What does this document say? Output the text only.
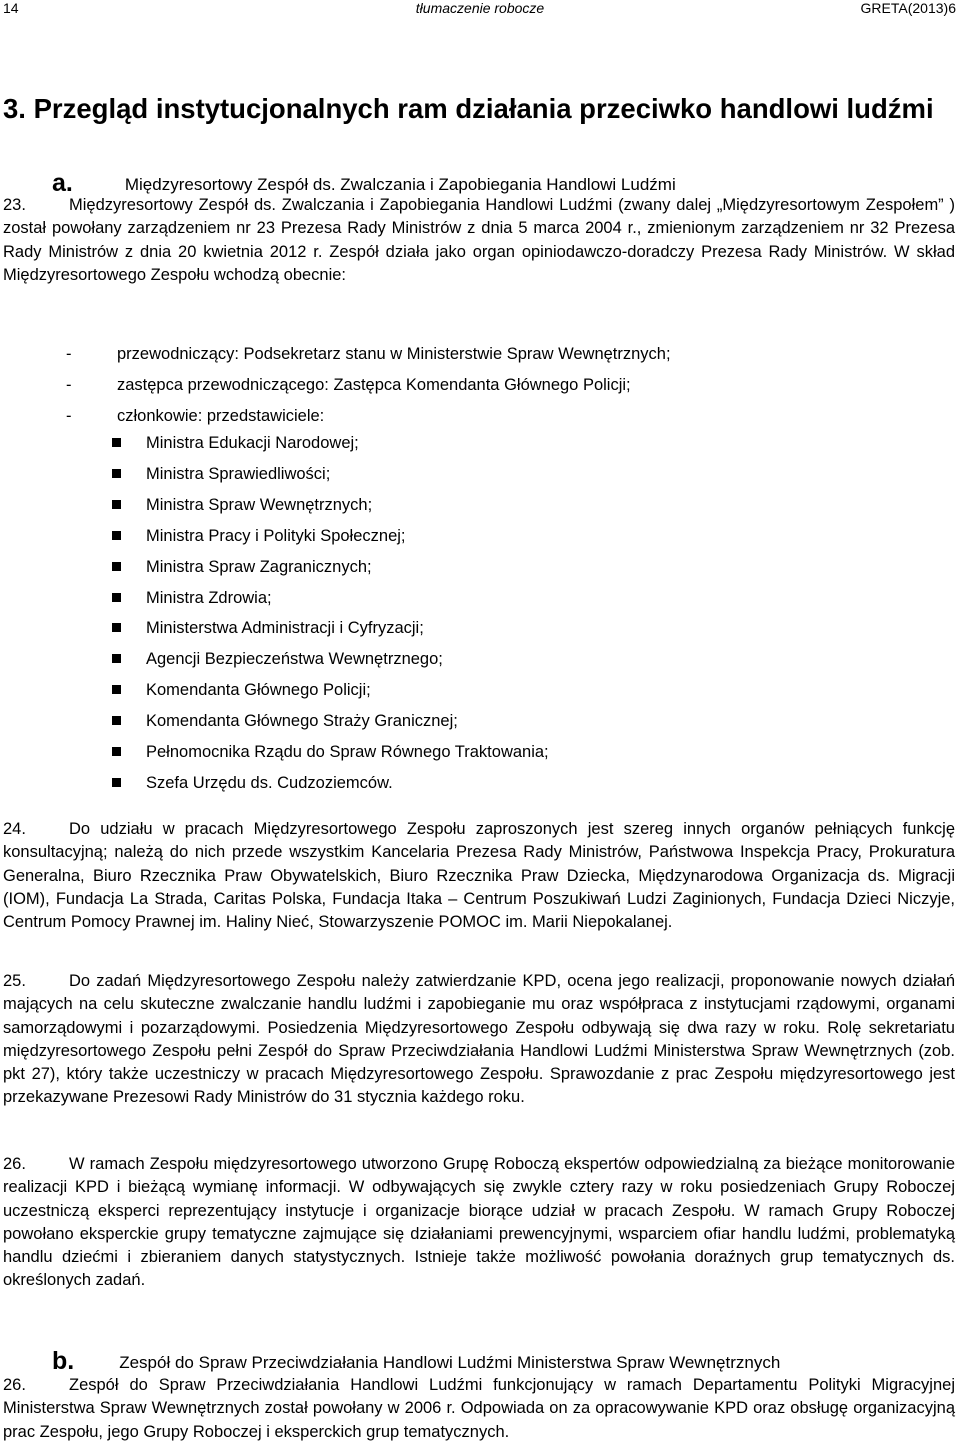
tłumaczenie robocze
14	GRETA(2013)6
3. Przegląd instytucjonalnych ram działania przeciwko handlowi ludźmi

a.	Międzyresortowy Zespół ds. Zwalczania i Zapobiegania Handlowi Ludźmi

23.	Międzyresortowy Zespół ds. Zwalczania i Zapobiegania Handlowi Ludźmi (zwany dalej „Międzyresortowym Zespołem” ) został powołany zarządzeniem nr 23 Prezesa Rady Ministrów z dnia 5 marca 2004 r., zmienionym zarządzeniem nr 32 Prezesa Rady Ministrów z dnia 20 kwietnia 2012 r. Zespół działa jako organ opiniodawczo-doradczy Prezesa Rady Ministrów. W skład Międzyresortowego Zespołu wchodzą obecnie:

-	przewodniczący: Podsekretarz stanu w Ministerstwie Spraw Wewnętrznych;
-	zastępca przewodniczącego: Zastępca Komendanta Głównego Policji;
-	członkowie: przedstawiciele:
Ministra Edukacji Narodowej;
Ministra Sprawiedliwości;
Ministra Spraw Wewnętrznych;
Ministra Pracy i Polityki Społecznej;
Ministra Spraw Zagranicznych;
Ministra Zdrowia;
Ministerstwa Administracji i Cyfryzacji;
Agencji Bezpieczeństwa Wewnętrznego;
Komendanta Głównego Policji;
Komendanta Głównego Straży Granicznej;
Pełnomocnika Rządu do Spraw Równego Traktowania;
Szefa Urzędu ds. Cudzoziemców.

24.	Do udziału w pracach Międzyresortowego Zespołu zaproszonych jest szereg innych organów pełniących funkcję konsultacyjną; należą do nich przede wszystkim Kancelaria Prezesa Rady Ministrów, Państwowa Inspekcja Pracy, Prokuratura Generalna, Biuro Rzecznika Praw Obywatelskich, Biuro Rzecznika Praw Dziecka, Międzynarodowa Organizacja ds. Migracji (IOM), Fundacja La Strada, Caritas Polska, Fundacja Itaka – Centrum Poszukiwań Ludzi Zaginionych, Fundacja Dzieci Niczyje, Centrum Pomocy Prawnej im. Haliny Nieć, Stowarzyszenie POMOC im. Marii Niepokalanej.

25.	Do zadań Międzyresortowego Zespołu należy zatwierdzanie KPD, ocena jego realizacji, proponowanie nowych działań mających na celu skuteczne zwalczanie handlu ludźmi i zapobieganie mu oraz współpraca z instytucjami rządowymi, organami samorządowymi i pozarządowymi. Posiedzenia Międzyresortowego Zespołu odbywają się dwa razy w roku. Rolę sekretariatu międzyresortowego Zespołu pełni Zespół do Spraw Przeciwdziałania Handlowi Ludźmi Ministerstwa Spraw Wewnętrznych (zob. pkt 27), który także uczestniczy w pracach Międzyresortowego Zespołu. Sprawozdanie z prac Zespołu międzyresortowego jest przekazywane Prezesowi Rady Ministrów do 31 stycznia każdego roku.

26.	W ramach Zespołu międzyresortowego utworzono Grupę Roboczą ekspertów odpowiedzialną za bieżące monitorowanie realizacji KPD i bieżącą wymianę informacji. W odbywających się zwykle cztery razy w roku posiedzeniach Grupy Roboczej uczestniczą eksperci reprezentujący instytucje i organizacje biorące udział w pracach Zespołu. W ramach Grupy Roboczej powołano eksperckie grupy tematyczne zajmujące się działaniami prewencyjnymi, wsparciem ofiar handlu ludźmi, problematyką handlu dziećmi i zbieraniem danych statystycznych. Istnieje także możliwość powołania doraźnych grup tematycznych ds. określonych zadań.

b.	Zespół do Spraw Przeciwdziałania Handlowi Ludźmi Ministerstwa Spraw Wewnętrznych

26.	Zespół do Spraw Przeciwdziałania Handlowi Ludźmi funkcjonujący w ramach Departamentu Polityki Migracyjnej Ministerstwa Spraw Wewnętrznych został powołany w 2006 r. Odpowiada on za opracowywanie KPD oraz obsługę organizacyjną prac Zespołu, jego Grupy Roboczej i eksperckich grup tematycznych.
